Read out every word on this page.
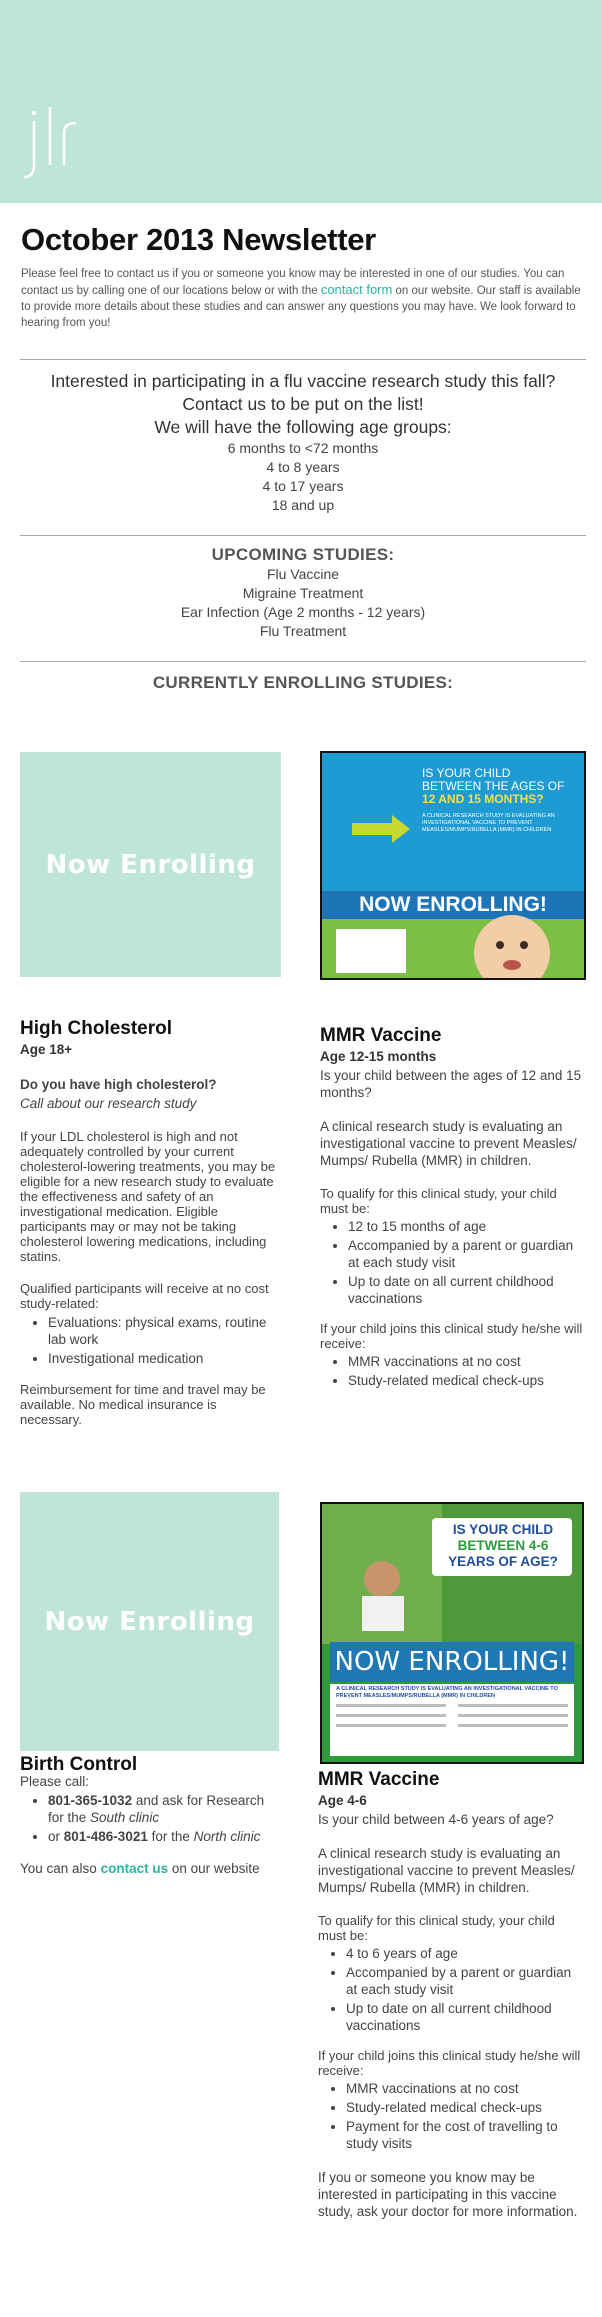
October 2013 Newsletter

Please feel free to contact us if you or someone you know may be interested in one of our studies. You can contact us by calling one of our locations below or with the contact form on our website. Our staff is available to provide more details about these studies and can answer any questions you may have. We look forward to hearing from you!

Interested in participating in a flu vaccine research study this fall?
Contact us to be put on the list!
We will have the following age groups:
6 months to <72 months
4 to 8 years
4 to 17 years
18 and up
UPCOMING STUDIES:
Flu Vaccine
Migraine Treatment
Ear Infection (Age 2 months - 12 years)
Flu Treatment
CURRENTLY ENROLLING STUDIES:
Now Enrolling
IS YOUR CHILD
BETWEEN THE AGES OF
12 AND 15 MONTHS?
A CLINICAL RESEARCH STUDY IS EVALUATING AN INVESTIGATIONAL VACCINE TO PREVENT MEASLES/MUMPS/RUBELLA (MMR) IN CHILDREN
NOW ENROLLING!
High Cholesterol

Age 18+

Do you have high cholesterol?

Call about our research study

If your LDL cholesterol is high and not adequately controlled by your current cholesterol-lowering treatments, you may be eligible for a new research study to evaluate the effectiveness and safety of an investigational medication. Eligible participants may or may not be taking cholesterol lowering medications, including statins.

Qualified participants will receive at no cost study-related:

• Evaluations: physical exams, routine lab work
• Investigational medication

Reimbursement for time and travel may be available. No medical insurance is necessary.

MMR Vaccine

Age 12-15 months

Is your child between the ages of 12 and 15 months?

A clinical research study is evaluating an investigational vaccine to prevent Measles/ Mumps/ Rubella (MMR) in children.

To qualify for this clinical study, your child must be:

• 12 to 15 months of age
• Accompanied by a parent or guardian at each study visit
• Up to date on all current childhood vaccinations

If your child joins this clinical study he/she will receive:

• MMR vaccinations at no cost
• Study-related medical check-ups
Now Enrolling
IS YOUR CHILD
BETWEEN 4-6
YEARS OF AGE?
NOW ENROLLING!
A CLINICAL RESEARCH STUDY IS EVALUATING AN INVESTIGATIONAL VACCINE TO PREVENT MEASLES/MUMPS/RUBELLA (MMR) IN CHILDREN
Birth Control

Please call:

• 801-365-1032 and ask for Research for the South clinic
• or 801-486-3021 for the North clinic

You can also contact us on our website

MMR Vaccine

Age 4-6

Is your child between 4-6 years of age?

A clinical research study is evaluating an investigational vaccine to prevent Measles/ Mumps/ Rubella (MMR) in children.

To qualify for this clinical study, your child must be:

• 4 to 6 years of age
• Accompanied by a parent or guardian at each study visit
• Up to date on all current childhood vaccinations

If your child joins this clinical study he/she will receive:

• MMR vaccinations at no cost
• Study-related medical check-ups
• Payment for the cost of travelling to study visits

If you or someone you know may be interested in participating in this vaccine study, ask your doctor for more information.
